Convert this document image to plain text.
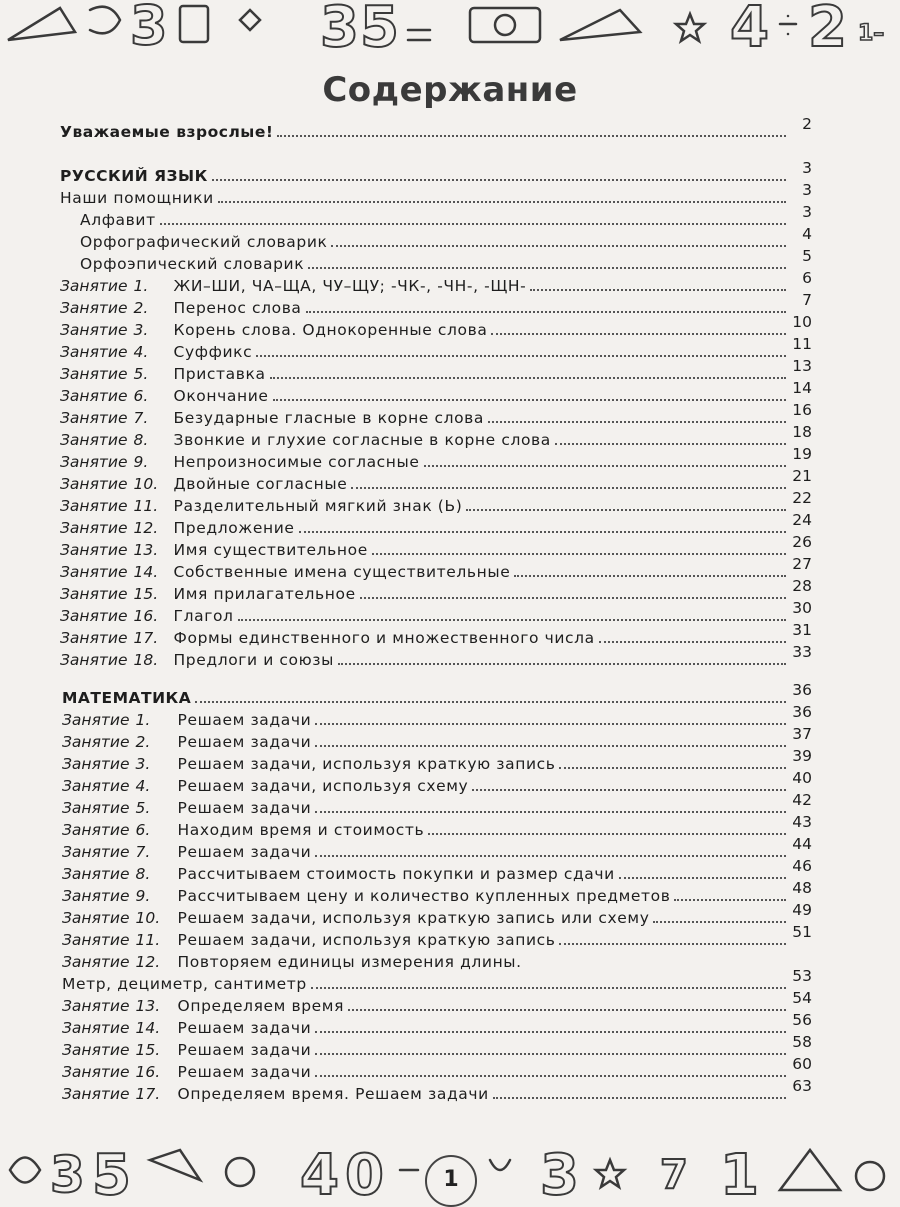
3	3 5	4 2 1–
Содержание
Уважаемые взрослые!	2
РУССКИЙ ЯЗЫК	3
Наши помощники	3
Алфавит	3
Орфографический словарик	4
Орфоэпический словарик	5
Занятие 1. ЖИ–ШИ, ЧА–ЩА, ЧУ–ЩУ; -ЧК-, -ЧН-, -ЩН-	6
Занятие 2. Перенос слова	7
Занятие 3. Корень слова. Однокоренные слова	10
Занятие 4. Суффикс	11
Занятие 5. Приставка	13
Занятие 6. Окончание	14
Занятие 7. Безударные гласные в корне слова	16
Занятие 8. Звонкие и глухие согласные в корне слова	18
Занятие 9. Непроизносимые согласные	19
Занятие 10. Двойные согласные	21
Занятие 11. Разделительный мягкий знак (Ь)	22
Занятие 12. Предложение	24
Занятие 13. Имя существительное	26
Занятие 14. Собственные имена существительные	27
Занятие 15. Имя прилагательное	28
Занятие 16. Глагол	30
Занятие 17. Формы единственного и множественного числа	31
Занятие 18. Предлоги и союзы	33
МАТЕМАТИКА	36
Занятие 1. Решаем задачи	36
Занятие 2. Решаем задачи	37
Занятие 3. Решаем задачи, используя краткую запись	39
Занятие 4. Решаем задачи, используя схему	40
Занятие 5. Решаем задачи	42
Занятие 6. Находим время и стоимость	43
Занятие 7. Решаем задачи	44
Занятие 8. Рассчитываем стоимость покупки и размер сдачи	46
Занятие 9. Рассчитываем цену и количество купленных предметов	48
Занятие 10. Решаем задачи, используя краткую запись или схему	49
Занятие 11. Решаем задачи, используя краткую запись	51
Занятие 12. Повторяем единицы измерения длины.
Метр, дециметр, сантиметр	53
Занятие 13. Определяем время	54
Занятие 14. Решаем задачи	56
Занятие 15. Решаем задачи	58
Занятие 16. Решаем задачи	60
Занятие 17. Определяем время. Решаем задачи	63
3 5	4 0	3 7 1
1
